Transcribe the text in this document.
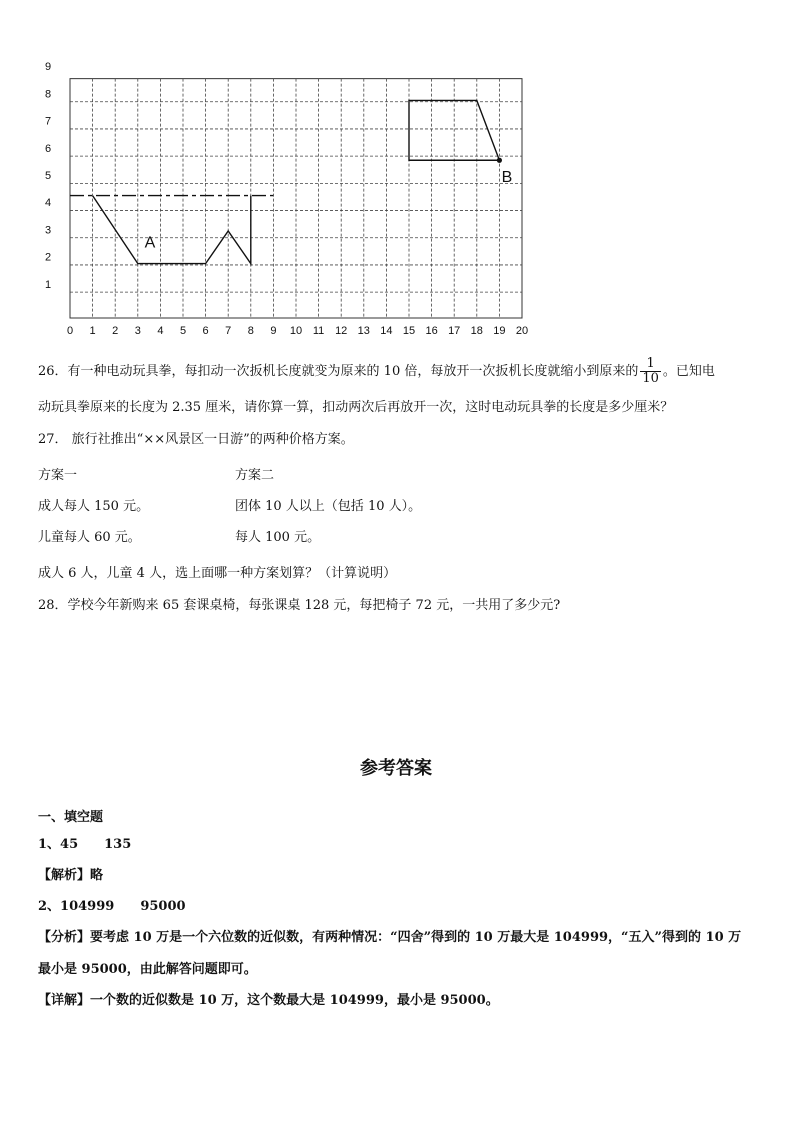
1
2
3
4
5
6
7
8
9
0 1 2 3 4 5 6 7 8 9 10 11 12 13 14 15 16 17 18 19 20
A
B
26．有一种电动玩具拳，每扣动一次扳机长度就变为原来的 10 倍，每放开一次扳机长度就缩小到原来的 $\frac{1}{10}$ 。已知电
动玩具拳原来的长度为 2.35 厘米，请你算一算，扣动两次后再放开一次，这时电动玩具拳的长度是多少厘米？
27． 旅行社推出“××风景区一日游”的两种价格方案。
方案一	方案二
成人每人 150 元。	团体 10 人以上（包括 10 人）。
儿童每人 60 元。	每人 100 元。
成人 6 人，儿童 4 人，选上面哪一种方案划算？（计算说明）
28．学校今年新购来 65 套课桌椅，每张课桌 128 元，每把椅子 72 元，一共用了多少元?
参考答案
一、填空题
1、45　　135
【解析】略
2、104999　　95000
【分析】要考虑 10 万是一个六位数的近似数，有两种情况：“四舍”得到的 10 万最大是 104999，“五入”得到的 10 万
最小是 95000，由此解答问题即可。
【详解】一个数的近似数是 10 万，这个数最大是 104999，最小是 95000。
